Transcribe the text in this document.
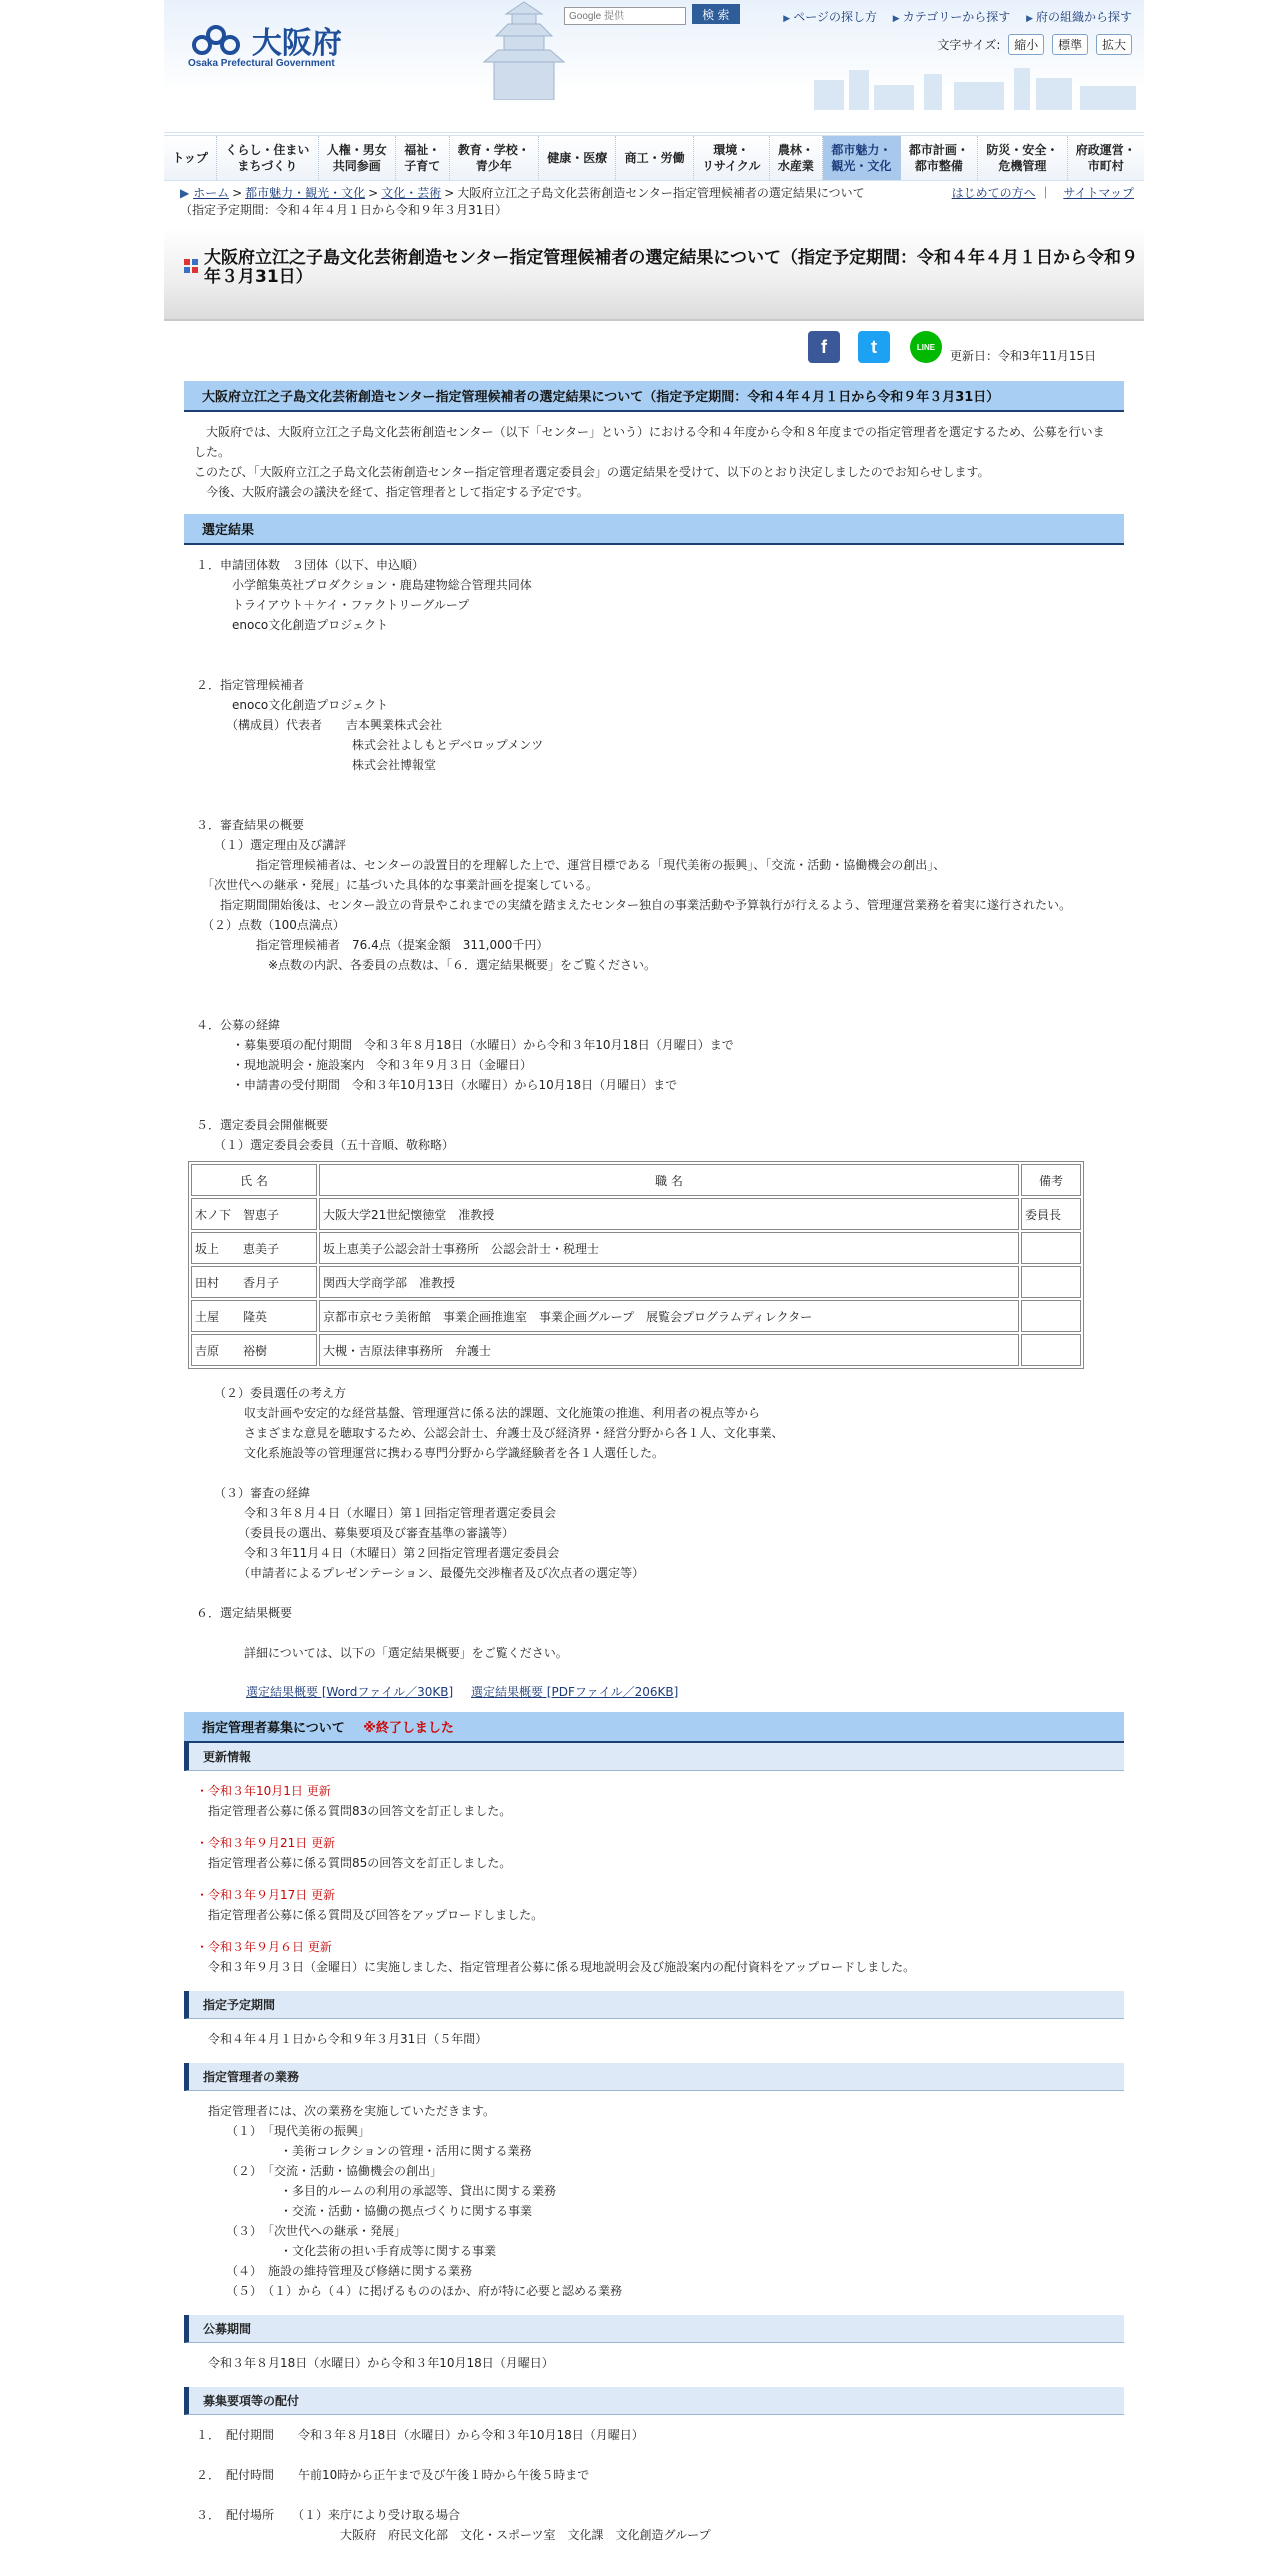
大阪府
Osaka Prefectural Government
Google 提供 検 索	▶ ページの探し方 ▶ カテゴリーから探す ▶ 府の組織から探す
文字サイズ: 縮小 標準 拡大
トップ
くらし・住まい
まちづくり
人権・男女
共同参画
福祉・
子育て
教育・学校・
青少年
健康・医療	商工・労働
環境・
リサイクル
農林・
水産業
都市魅力・
観光・文化
都市計画・
都市整備
防災・安全・
危機管理
府政運営・
市町村
▶ ホーム > 都市魅力・観光・文化 > 文化・芸術 > 大阪府立江之子島文化芸術創造センター指定管理候補者の選定結果について
（指定予定期間：令和４年４月１日から令和９年３月31日）
はじめての方へ ｜ サイトマップ
大阪府立江之子島文化芸術創造センター指定管理候補者の選定結果について（指定予定期間：令和４年４月１日から令和９年３月31日）
f t	LINE
更新日：令和3年11月15日
大阪府立江之子島文化芸術創造センター指定管理候補者の選定結果について（指定予定期間：令和４年４月１日から令和９年３月31日）

　大阪府では、大阪府立江之子島文化芸術創造センター（以下「センター」という）における令和４年度から令和８年度までの指定管理者を選定するため、公募を行いました。

このたび、「大阪府立江之子島文化芸術創造センター指定管理者選定委員会」の選定結果を受けて、以下のとおり決定しましたのでお知らせします。

　今後、大阪府議会の議決を経て、指定管理者として指定する予定です。

選定結果
１．申請団体数　３団体（以下、申込順）
　　　小学館集英社プロダクション・鹿島建物総合管理共同体
　　　トライアウト＋ケイ・ファクトリーグループ
　　　enoco文化創造プロジェクト
２．指定管理候補者
　　　enoco文化創造プロジェクト
　　　（構成員）代表者　　吉本興業株式会社
　　　　　　　　　　　　　株式会社よしもとデベロップメンツ
　　　　　　　　　　　　　株式会社博報堂
３．審査結果の概要
　　（１）選定理由及び講評
　　　　　指定管理候補者は、センターの設置目的を理解した上で、運営目標である「現代美術の振興」、「交流・活動・協働機会の創出」、
　「次世代への継承・発展」に基づいた具体的な事業計画を提案している。
　　指定期間開始後は、センター設立の背景やこれまでの実績を踏まえたセンター独自の事業活動や予算執行が行えるよう、管理運営業務を着実に遂行されたい。
　（２）点数（100点満点）
　　　　　指定管理候補者　76.4点（提案金額　311,000千円）
　　　　　　※点数の内訳、各委員の点数は、「６．選定結果概要」をご覧ください。
４．公募の経緯
　　　・募集要項の配付期間　令和３年８月18日（水曜日）から令和３年10月18日（月曜日）まで
　　　・現地説明会・施設案内　令和３年９月３日（金曜日）
　　　・申請書の受付期間　令和３年10月13日（水曜日）から10月18日（月曜日）まで
５．選定委員会開催概要
　　（１）選定委員会委員（五十音順、敬称略）
氏 名	職 名	備考
木ノ下　智恵子	大阪大学21世紀懐徳堂　准教授	委員長
坂上　　恵美子	坂上恵美子公認会計士事務所　公認会計士・税理士	
田村　　香月子	関西大学商学部　准教授	
土屋　　隆英	京都市京セラ美術館　事業企画推進室　事業企画グループ　展覧会プログラムディレクター	
吉原　　裕樹	大槻・吉原法律事務所　弁護士	
　　（２）委員選任の考え方
　　　　収支計画や安定的な経営基盤、管理運営に係る法的課題、文化施策の推進、利用者の視点等から
　　　　さまざまな意見を聴取するため、公認会計士、弁護士及び経済界・経営分野から各１人、文化事業、
　　　　文化系施設等の管理運営に携わる専門分野から学識経験者を各１人選任した。
　　（３）審査の経緯
　　　　令和３年８月４日（水曜日）第１回指定管理者選定委員会
　　　　（委員長の選出、募集要項及び審査基準の審議等）
　　　　令和３年11月４日（木曜日）第２回指定管理者選定委員会
　　　　（申請者によるプレゼンテーション、最優先交渉権者及び次点者の選定等）
６．選定結果概要
　　　　詳細については、以下の「選定結果概要」をご覧ください。
選定結果概要 [Wordファイル／30KB] 選定結果概要 [PDFファイル／206KB]
指定管理者募集について ※終了しました
更新情報
・令和３年10月1日 更新
　指定管理者公募に係る質問83の回答文を訂正しました。
・令和３年９月21日 更新
　指定管理者公募に係る質問85の回答文を訂正しました。
・令和３年９月17日 更新
　指定管理者公募に係る質問及び回答をアップロードしました。
・令和３年９月６日 更新
　令和３年９月３日（金曜日）に実施しました、指定管理者公募に係る現地説明会及び施設案内の配付資料をアップロードしました。
指定予定期間
　令和４年４月１日から令和９年３月31日（５年間）
指定管理者の業務
　指定管理者には、次の業務を実施していただきます。
　　　（１）　「現代美術の振興」
　　　　　　　・美術コレクションの管理・活用に関する業務
　　　（２）　「交流・活動・協働機会の創出」
　　　　　　　・多目的ルームの利用の承認等、貸出に関する業務
　　　　　　　・交流・活動・協働の拠点づくりに関する事業
　　　（３）　「次世代への継承・発展」
　　　　　　　・文化芸術の担い手育成等に関する事業
　　　（４）　施設の維持管理及び修繕に関する業務
　　　（５）　（１）から（４）に掲げるもののほか、府が特に必要と認める業務
公募期間
　令和３年８月18日（水曜日）から令和３年10月18日（月曜日）
募集要項等の配付
１．　配付期間　　令和３年８月18日（水曜日）から令和３年10月18日（月曜日）
２．　配付時間　　午前10時から正午まで及び午後１時から午後５時まで
３．　配付場所　　（１）来庁により受け取る場合
　　　　　　　　　　　　大阪府　府民文化部　文化・スポーツ室　文化課　文化創造グループ
